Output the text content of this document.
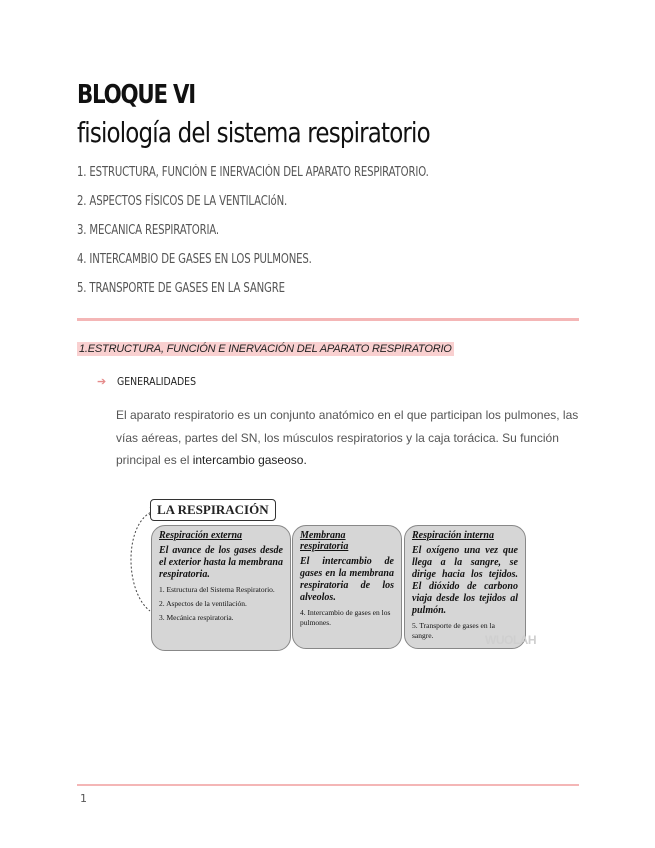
BLOQUE VI
fisiología del sistema respiratorio
1. ESTRUCTURA, FUNCIÓN E INERVACIÓN DEL APARATO RESPIRATORIO.
2. ASPECTOS FÍSICOS DE LA VENTILACIóN.
3. MECANICA RESPIRATORIA.
4. INTERCAMBIO DE GASES EN LOS PULMONES.
5. TRANSPORTE DE GASES EN LA SANGRE
1.ESTRUCTURA, FUNCIÓN E INERVACIÓN DEL APARATO RESPIRATORIO
➔ GENERALIDADES
El aparato respiratorio es un conjunto anatómico en el que participan los pulmones, las vías aéreas, partes del SN, los músculos respiratorios y la caja torácica. Su función principal es el intercambio gaseoso.
LA RESPIRACIÓN
Respiración externa
El avance de los gases desde el exterior hasta la membrana respiratoria.
1. Estructura del Sistema Respiratorio.
2. Aspectos de la ventilación.
3. Mecánica respiratoria.
Membrana respiratoria
El intercambio de gases en la membrana respiratoria de los alveolos.
4. Intercambio de gases en los pulmones.
Respiración interna
El oxígeno una vez que llega a la sangre, se dirige hacia los tejidos. El dióxido de carbono viaja desde los tejidos al pulmón.
5. Transporte de gases en la sangre.	WUOLAH
1
